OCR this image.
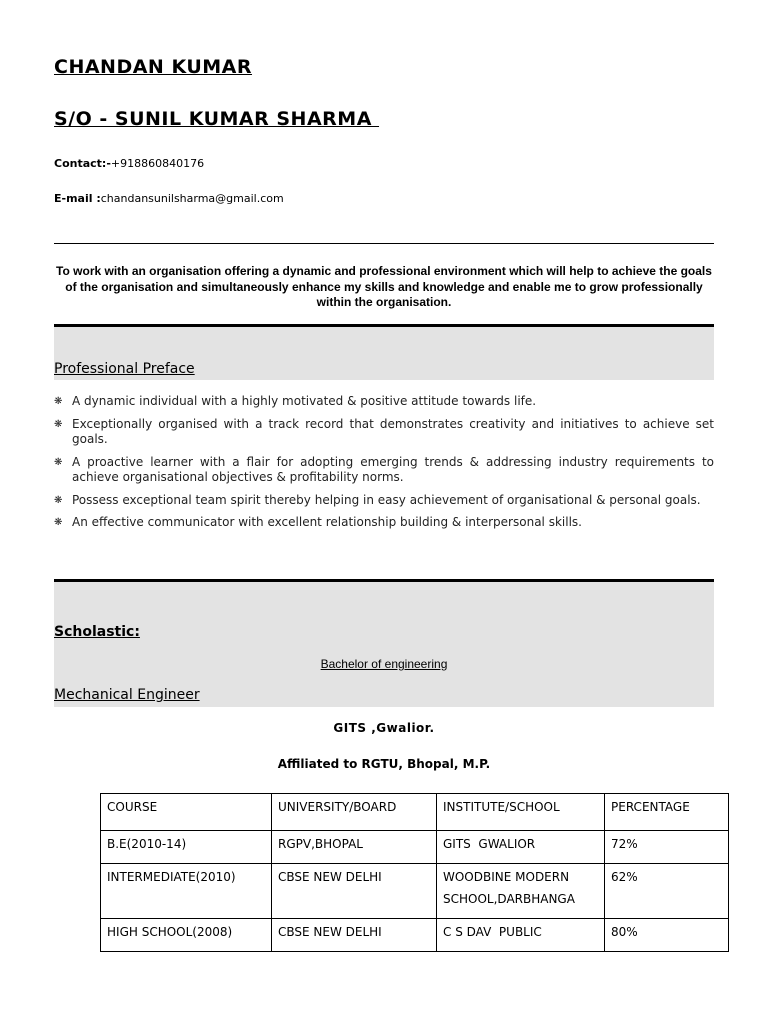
CHANDAN KUMAR
S/O - SUNIL KUMAR SHARMA
Contact:-+918860840176
E-mail :chandansunilsharma@gmail.com
To work with an organisation offering a dynamic and professional environment which will help to achieve the goals of the organisation and simultaneously enhance my skills and knowledge and enable me to grow professionally within the organisation.
Professional Preface
❋ A dynamic individual with a highly motivated & positive attitude towards life.
❋ Exceptionally organised with a track record that demonstrates creativity and initiatives to achieve set goals.
❋ A proactive learner with a flair for adopting emerging trends & addressing industry requirements to achieve organisational objectives & profitability norms.
❋ Possess exceptional team spirit thereby helping in easy achievement of organisational & personal goals.
❋ An effective communicator with excellent relationship building & interpersonal skills.
Scholastic:
Bachelor of engineering
Mechanical Engineer
GITS ,Gwalior.
Affiliated to RGTU, Bhopal, M.P.
COURSE	UNIVERSITY/BOARD	INSTITUTE/SCHOOL	PERCENTAGE
B.E(2010-14)	RGPV,BHOPAL	GITS  GWALIOR	72%
INTERMEDIATE(2010)	CBSE NEW DELHI	WOODBINE MODERN SCHOOL,DARBHANGA	62%
HIGH SCHOOL(2008)	CBSE NEW DELHI	C S DAV  PUBLIC	80%
